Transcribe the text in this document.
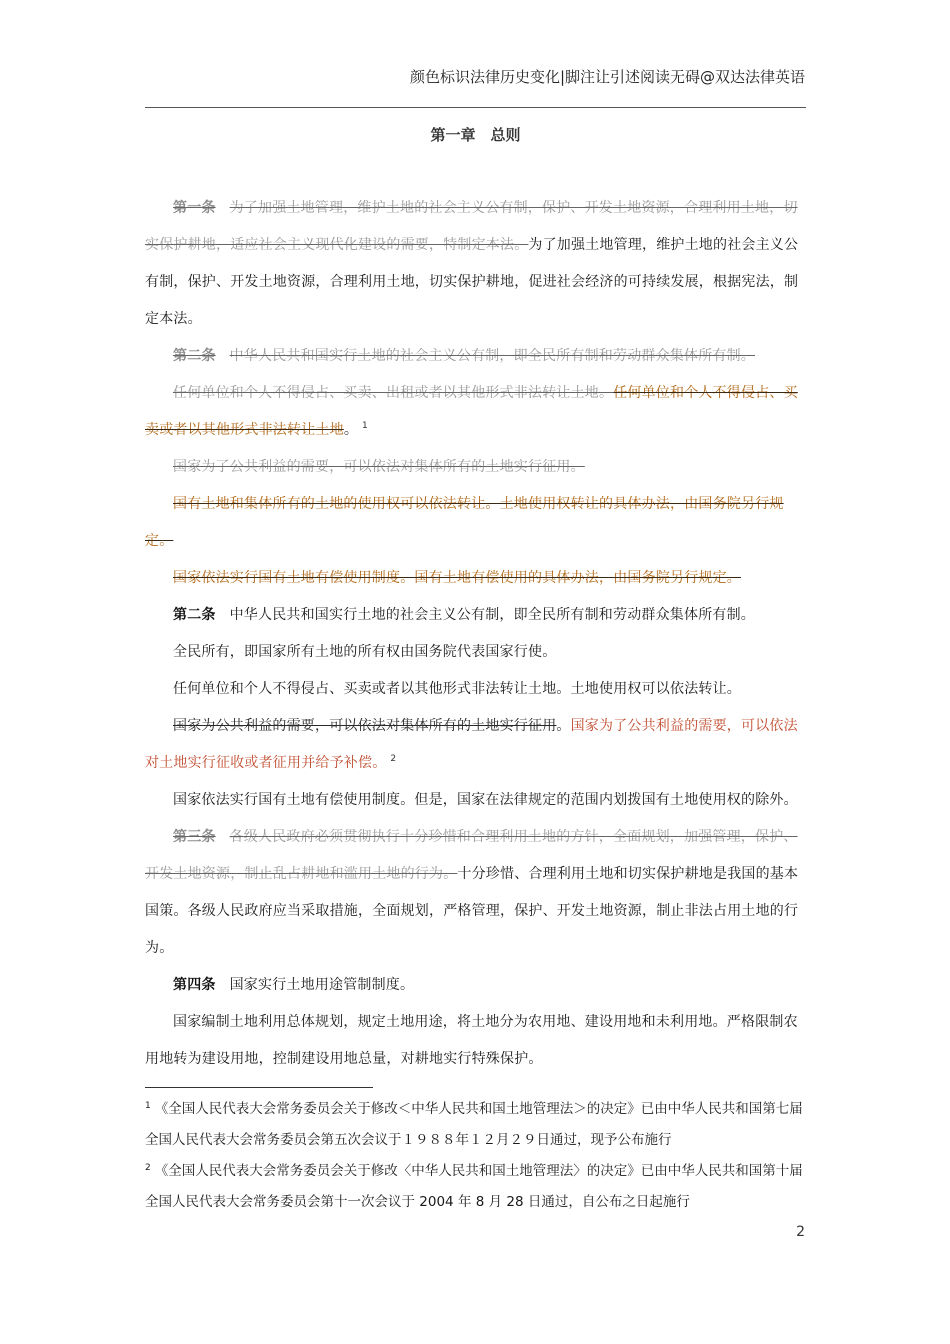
颜色标识法律历史变化|脚注让引述阅读无碍@双达法律英语
第一章　总则

第一条 为了加强土地管理，维护土地的社会主义公有制，保护、开发土地资源，合理利用土地，切实保护耕地，适应社会主义现代化建设的需要，特制定本法。为了加强土地管理，维护土地的社会主义公有制，保护、开发土地资源，合理利用土地，切实保护耕地，促进社会经济的可持续发展，根据宪法，制定本法。

第二条 中华人民共和国实行土地的社会主义公有制，即全民所有制和劳动群众集体所有制。

任何单位和个人不得侵占、买卖、出租或者以其他形式非法转让土地。任何单位和个人不得侵占、买卖或者以其他形式非法转让土地。 $^1$

国家为了公共利益的需要，可以依法对集体所有的土地实行征用。

国有土地和集体所有的土地的使用权可以依法转让。土地使用权转让的具体办法，由国务院另行规定。

国家依法实行国有土地有偿使用制度。国有土地有偿使用的具体办法，由国务院另行规定。

第二条 中华人民共和国实行土地的社会主义公有制，即全民所有制和劳动群众集体所有制。

全民所有，即国家所有土地的所有权由国务院代表国家行使。

任何单位和个人不得侵占、买卖或者以其他形式非法转让土地。土地使用权可以依法转让。

国家为公共利益的需要，可以依法对集体所有的土地实行征用。国家为了公共利益的需要，可以依法对土地实行征收或者征用并给予补偿。 $^2$

国家依法实行国有土地有偿使用制度。但是，国家在法律规定的范围内划拨国有土地使用权的除外。

第三条 各级人民政府必须贯彻执行十分珍惜和合理利用土地的方针，全面规划，加强管理，保护、开发土地资源，制止乱占耕地和滥用土地的行为。十分珍惜、合理利用土地和切实保护耕地是我国的基本国策。各级人民政府应当采取措施，全面规划，严格管理，保护、开发土地资源，制止非法占用土地的行为。

第四条 国家实行土地用途管制制度。

国家编制土地利用总体规划，规定土地用途，将土地分为农用地、建设用地和未利用地。严格限制农用地转为建设用地，控制建设用地总量，对耕地实行特殊保护。

$^1$ 《全国人民代表大会常务委员会关于修改＜中华人民共和国土地管理法＞的决定》已由中华人民共和国第七届全国人民代表大会常务委员会第五次会议于１９８８年１２月２９日通过，现予公布施行

$^2$ 《全国人民代表大会常务委员会关于修改〈中华人民共和国土地管理法〉的决定》已由中华人民共和国第十届全国人民代表大会常务委员会第十一次会议于 2004 年 8 月 28 日通过，自公布之日起施行

2
